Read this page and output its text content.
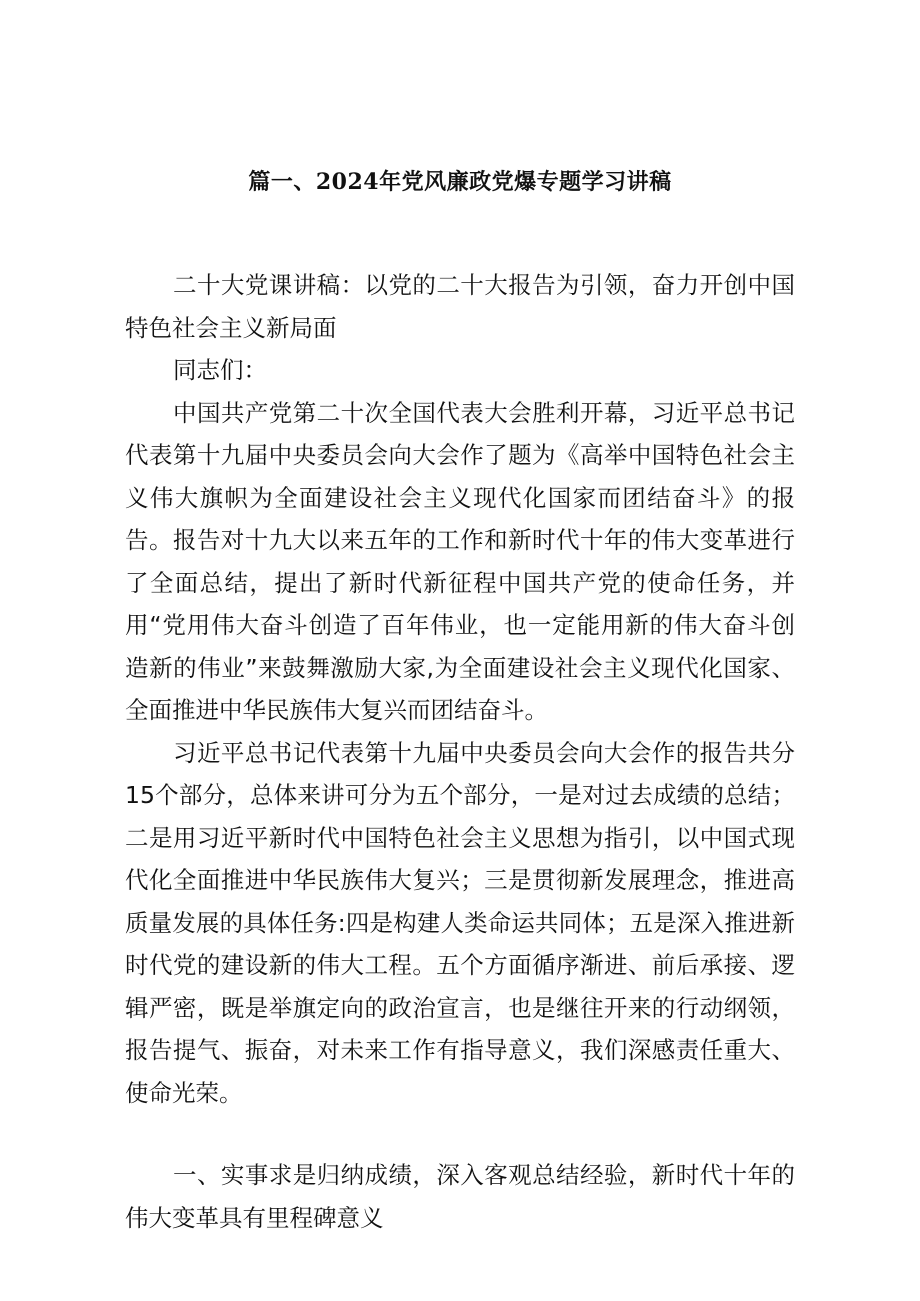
篇一、2024年党风廉政党爆专题学习讲稿

二十大党课讲稿：以党的二十大报告为引领，奋力开创中国特色社会主义新局面

同志们：

中国共产党第二十次全国代表大会胜利开幕，习近平总书记代表第十九届中央委员会向大会作了题为《高举中国特色社会主义伟大旗帜为全面建设社会主义现代化国家而团结奋斗》的报告。报告对十九大以来五年的工作和新时代十年的伟大变革进行了全面总结，提出了新时代新征程中国共产党的使命任务，并用“党用伟大奋斗创造了百年伟业，也一定能用新的伟大奋斗创造新的伟业”来鼓舞激励大家,为全面建设社会主义现代化国家、全面推进中华民族伟大复兴而团结奋斗。

习近平总书记代表第十九届中央委员会向大会作的报告共分15个部分，总体来讲可分为五个部分，一是对过去成绩的总结；二是用习近平新时代中国特色社会主义思想为指引，以中国式现代化全面推进中华民族伟大复兴；三是贯彻新发展理念，推进高质量发展的具体任务:四是构建人类命运共同体；五是深入推进新时代党的建设新的伟大工程。五个方面循序渐进、前后承接、逻辑严密，既是举旗定向的政治宣言，也是继往开来的行动纲领，报告提气、振奋，对未来工作有指导意义，我们深感责任重大、使命光荣。

一、实事求是归纳成绩，深入客观总结经验，新时代十年的伟大变革具有里程碑意义
